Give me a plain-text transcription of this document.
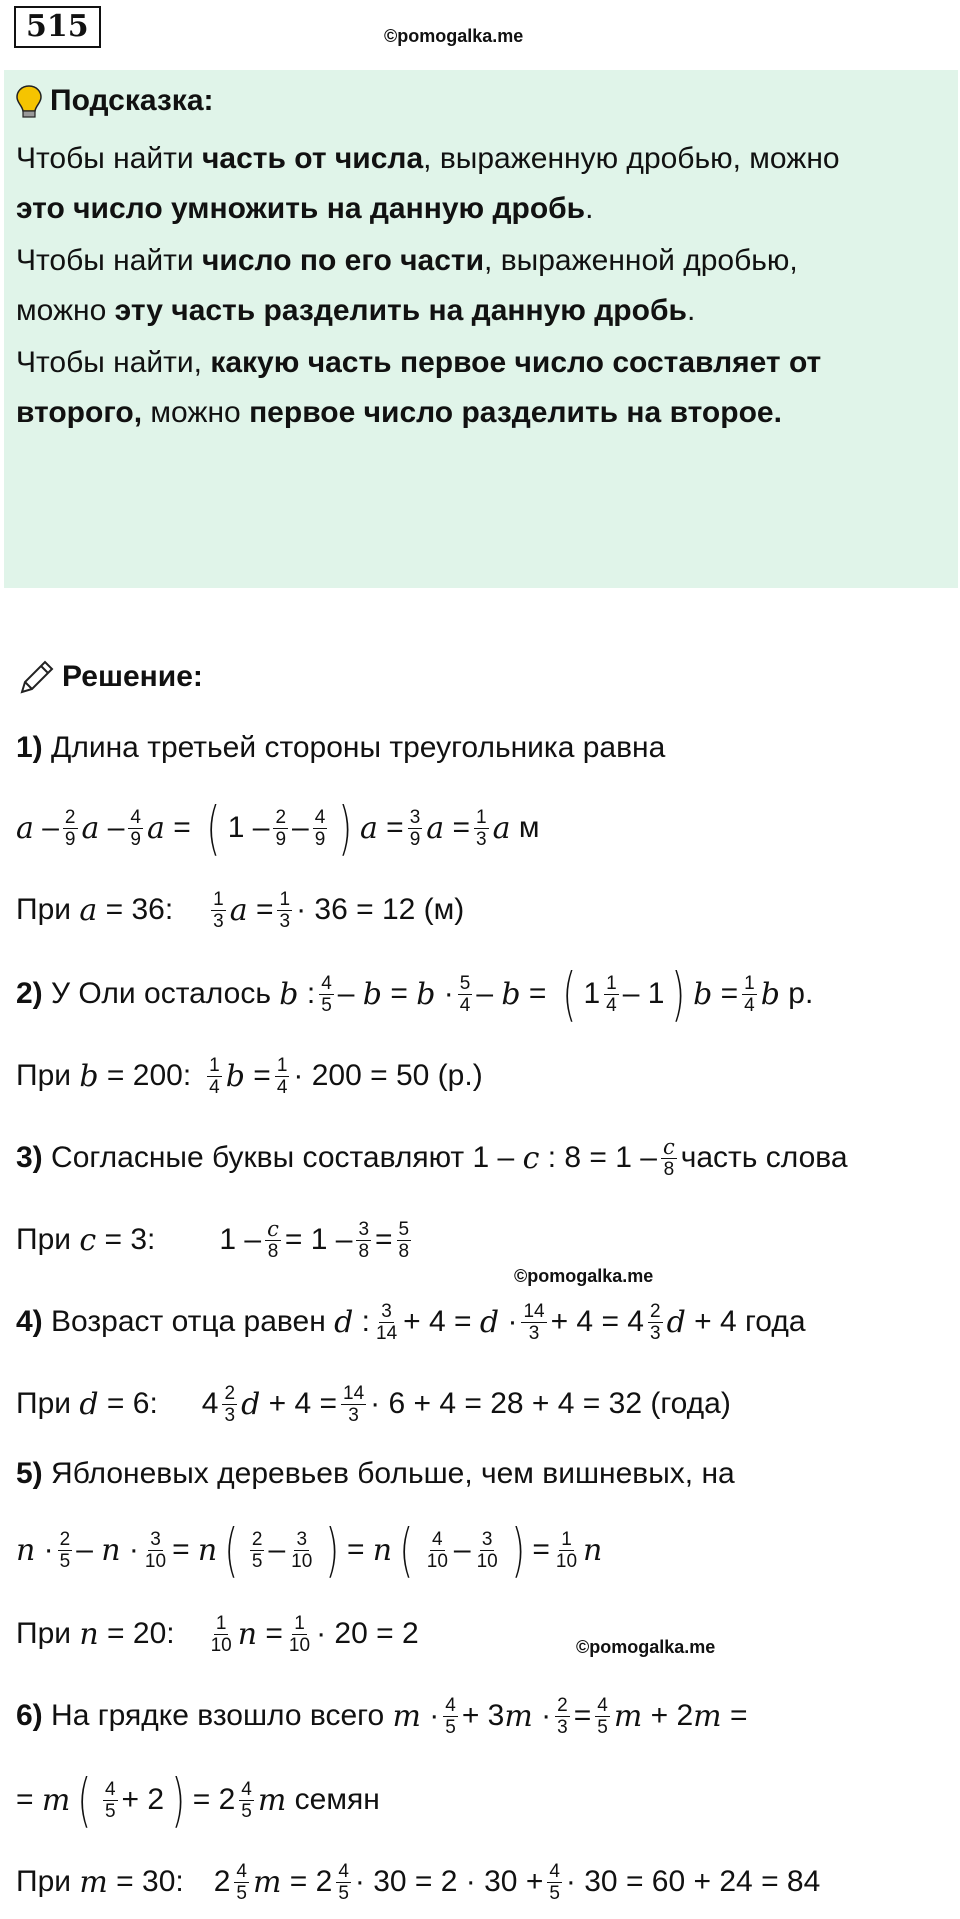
515	©pomogalka.me

Подсказка:

Чтобы найти часть от числа, выраженную дробью, можно

это число умножить на данную дробь.

Чтобы найти число по его части, выраженной дробью,

можно эту часть разделить на данную дробь.

Чтобы найти, какую часть первое число составляет от

второго, можно первое число разделить на второе.

Решение:
1)
Длина третьей стороны треугольника равна
a – 2
9 a – 4
9 a = ( 1 – 2
9 – 4
9 ) a = 3
9 a = 1
3 a
м
При
a
= 36: 1
3 a = 1
3 · 36 = 12 (м)
2)
У Оли осталось
b : 4
5 – b = b · 5
4 – b = ( 1 1
4 – 1 ) b = 1
4 b
р.
При
b
= 200: 1
4 b = 1
4 · 200 = 50 (р.)
3)
Согласные буквы составляют 1 –
c
: 8 = 1 – c
8 часть слова
При
c
= 3: 1 – c
8 = 1 – 3
8 = 5
8
©pomogalka.me
4)
Возраст отца равен
d : 3
14 + 4 = d · 14
3 + 4 = 4 2
3 d
+ 4 года
При
d
= 6: 4 2
3 d + 4 = 14
3 · 6 + 4 = 28 + 4 = 32 (года)
5)
Яблоневых деревьев больше, чем вишневых, на
n · 2
5 – n · 3
10 = n ( 2
5 – 3
10 ) = n ( 4
10 – 3
10 ) = 1
10 n
При
n
= 20: 1
10 n = 1
10 · 20 = 2	©pomogalka.me
6)
На грядке взошло всего
m · 4
5 + 3 m · 2
3 = 4
5 m + 2 m =
= m ( 4
5 + 2 ) = 2 4
5 m
семян
При
m
= 30: 2 4
5 m = 2 4
5 · 30 = 2 · 30 + 4
5 · 30 = 60 + 24 = 84
